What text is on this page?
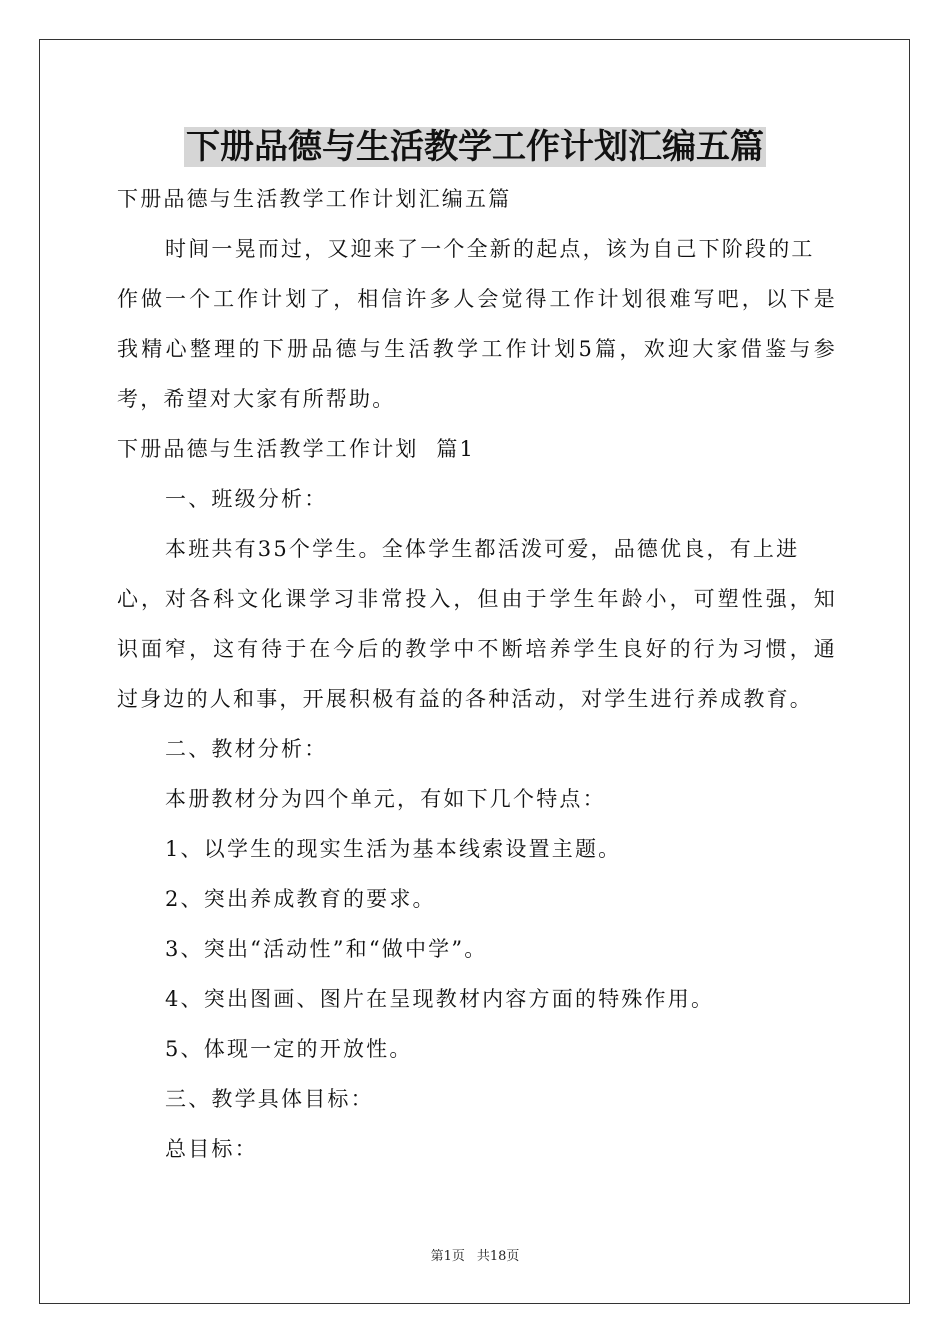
下册品德与生活教学工作计划汇编五篇
下册品德与生活教学工作计划汇编五篇
时间一晃而过，又迎来了一个全新的起点，该为自己下阶段的工
作做一个工作计划了，相信许多人会觉得工作计划很难写吧，以下是
我精心整理的下册品德与生活教学工作计划5篇，欢迎大家借鉴与参
考，希望对大家有所帮助。
下册品德与生活教学工作计划  篇1
一、班级分析：
本班共有35个学生。全体学生都活泼可爱，品德优良，有上进
心，对各科文化课学习非常投入，但由于学生年龄小，可塑性强，知
识面窄，这有待于在今后的教学中不断培养学生良好的行为习惯，通
过身边的人和事，开展积极有益的各种活动，对学生进行养成教育。
二、教材分析：
本册教材分为四个单元，有如下几个特点：
1、以学生的现实生活为基本线索设置主题。
2、突出养成教育的要求。
3、突出“活动性”和“做中学”。
4、突出图画、图片在呈现教材内容方面的特殊作用。
5、体现一定的开放性。
三、教学具体目标：
总目标：
第1页 共18页
